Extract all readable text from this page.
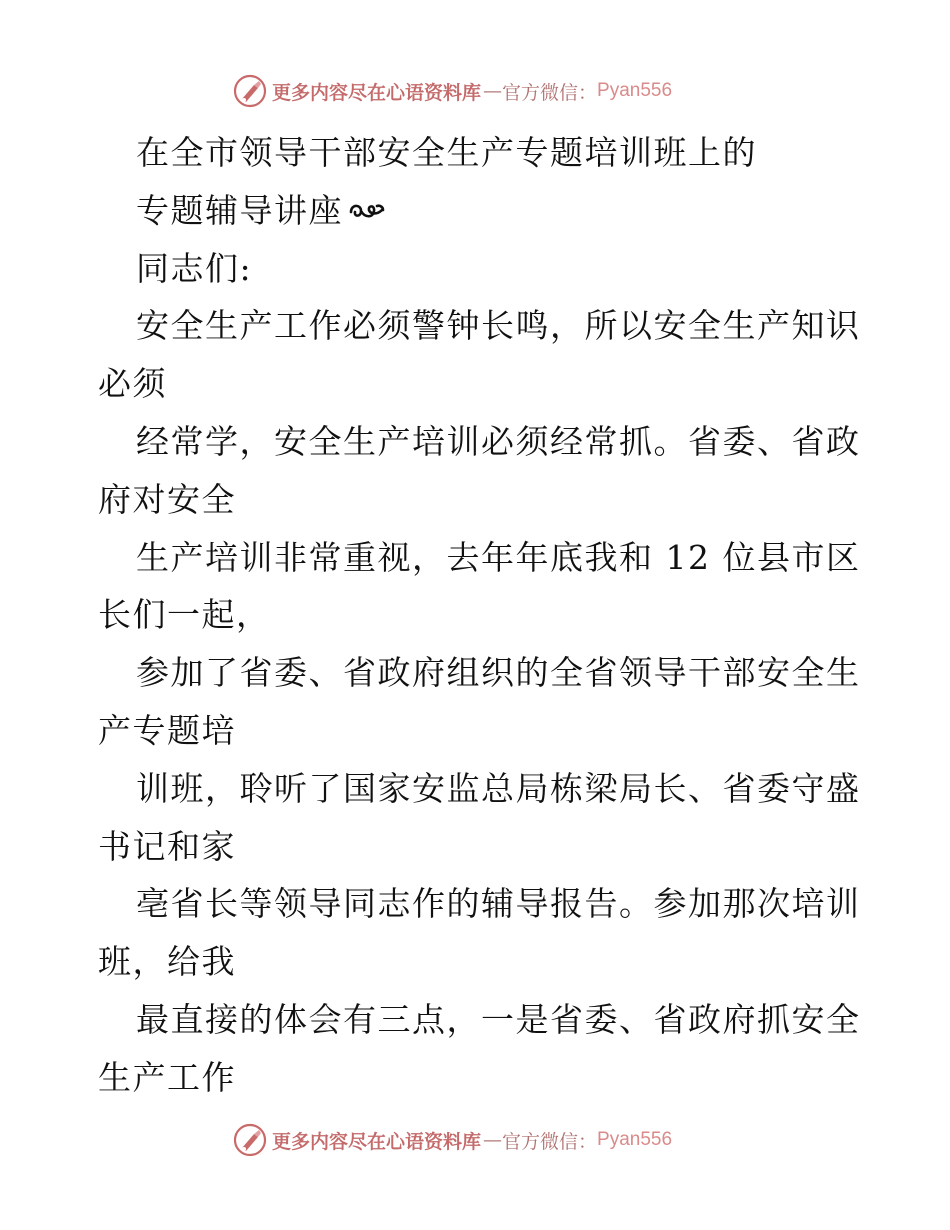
更多内容尽在心语资料库 — 官方微信： Pyan556
在全市领导干部安全生产专题培训班上的
专题辅导讲座
同志们:
安全生产工作必须警钟长鸣，所以安全生产知识
必须
经常学，安全生产培训必须经常抓。省委、省政
府对安全
生产培训非常重视，去年年底我和 12 位县市区
长们一起，
参加了省委、省政府组织的全省领导干部安全生
产专题培
训班，聆听了国家安监总局栋梁局长、省委守盛
书记和家
亳省长等领导同志作的辅导报告。参加那次培训
班，给我
最直接的体会有三点，一是省委、省政府抓安全
生产工作
更多内容尽在心语资料库 — 官方微信： Pyan556
